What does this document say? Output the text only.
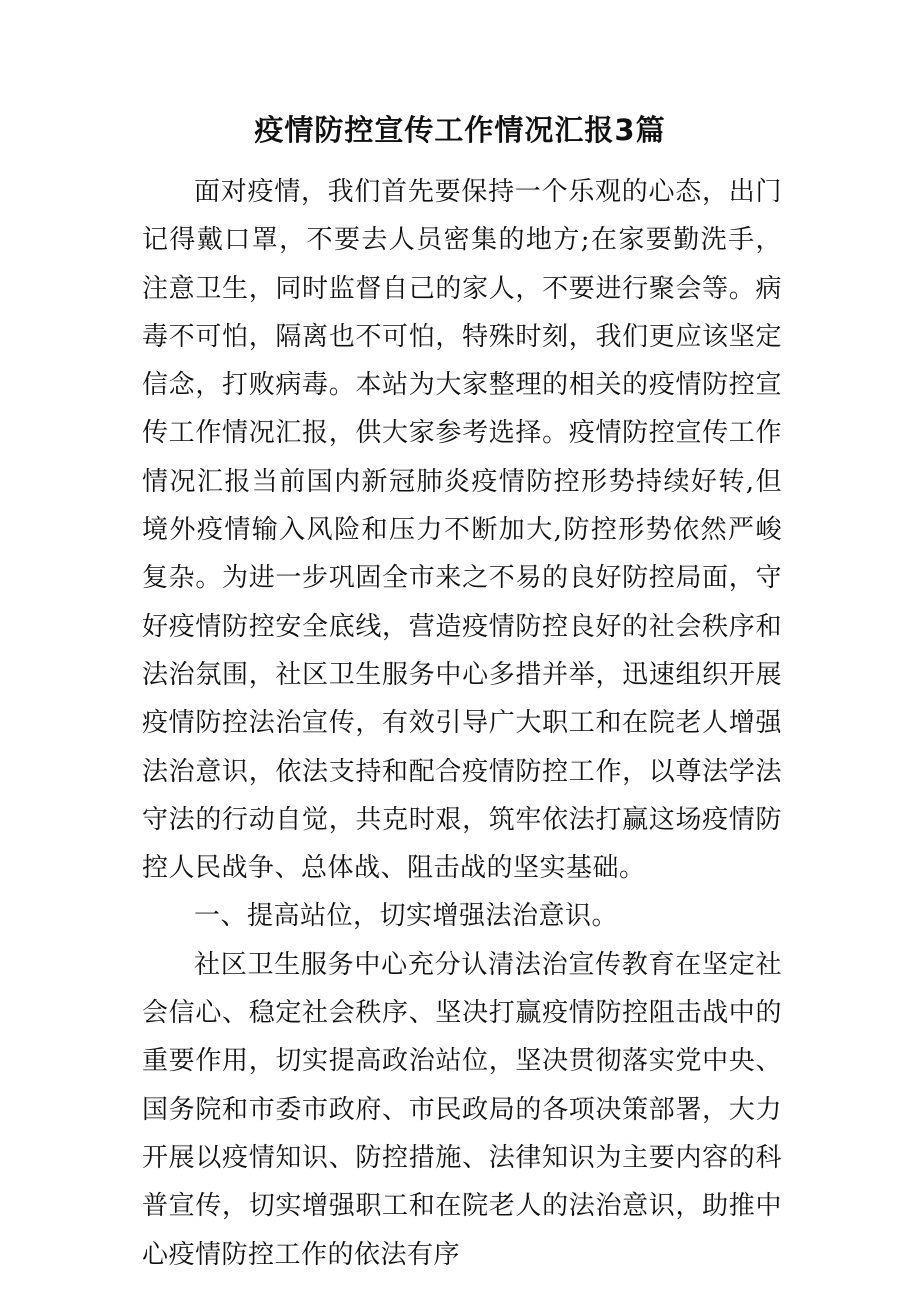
疫情防控宣传工作情况汇报3篇

面对疫情，我们首先要保持一个乐观的心态，出门记得戴口罩，不要去人员密集的地方;在家要勤洗手，注意卫生，同时监督自己的家人，不要进行聚会等。病毒不可怕，隔离也不可怕，特殊时刻，我们更应该坚定信念，打败病毒。本站为大家整理的相关的疫情防控宣传工作情况汇报，供大家参考选择。疫情防控宣传工作情况汇报当前国内新冠肺炎疫情防控形势持续好转,但境外疫情输入风险和压力不断加大,防控形势依然严峻复杂。为进一步巩固全市来之不易的良好防控局面，守好疫情防控安全底线，营造疫情防控良好的社会秩序和法治氛围，社区卫生服务中心多措并举，迅速组织开展疫情防控法治宣传，有效引导广大职工和在院老人增强法治意识，依法支持和配合疫情防控工作，以尊法学法守法的行动自觉，共克时艰，筑牢依法打赢这场疫情防控人民战争、总体战、阻击战的坚实基础。

一、提高站位，切实增强法治意识。

社区卫生服务中心充分认清法治宣传教育在坚定社会信心、稳定社会秩序、坚决打赢疫情防控阻击战中的重要作用，切实提高政治站位，坚决贯彻落实党中央、国务院和市委市政府、市民政局的各项决策部署，大力开展以疫情知识、防控措施、法律知识为主要内容的科普宣传，切实增强职工和在院老人的法治意识，助推中心疫情防控工作的依法有序
